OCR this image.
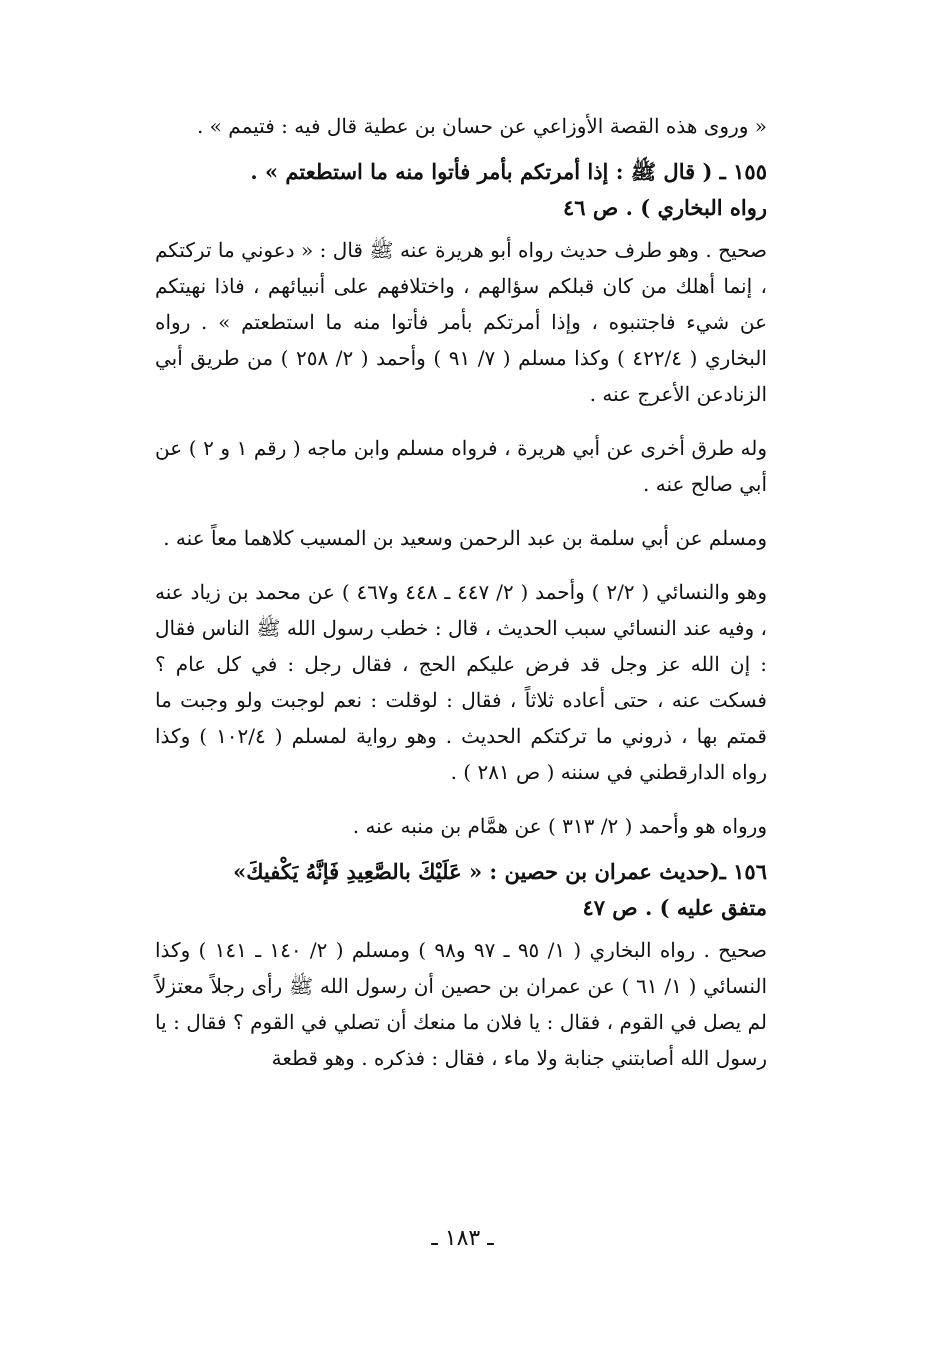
« وروى هذه القصة الأوزاعي عن حسان بن عطية قال فيه : فتيمم » .

١٥٥ ـ ( قال ﷺ : إذا أمرتكم بأمر فأتوا منه ما استطعتم » .
رواه البخاري ) . ص ٤٦

صحيح . وهو طرف حديث رواه أبو هريرة عنه ﷺ قال : « دعوني ما تركتكم ، إنما أهلك من كان قبلكم سؤالهم ، واختلافهم على أنبيائهم ، فاذا نهيتكم عن شيء فاجتنبوه ، وإذا أمرتكم بأمر فأتوا منه ما استطعتم » . رواه البخاري ( ٤٢٢/٤ ) وكذا مسلم ( ٧/ ٩١ ) وأحمد ( ٢/ ٢٥٨ ) من طريق أبي الزنادعن الأعرج عنه .

وله طرق أخرى عن أبي هريرة ، فرواه مسلم وابن ماجه ( رقم ١ و ٢ ) عن أبي صالح عنه .

ومسلم عن أبي سلمة بن عبد الرحمن وسعيد بن المسيب كلاهما معاً عنه .

وهو والنسائي ( ٢/٢ ) وأحمد ( ٢/ ٤٤٧ ـ ٤٤٨ و٤٦٧ ) عن محمد بن زياد عنه ، وفيه عند النسائي سبب الحديث ، قال : خطب رسول الله ﷺ الناس فقال : إن الله عز وجل قد فرض عليكم الحج ، فقال رجل : في كل عام ؟ فسكت عنه ، حتى أعاده ثلاثاً ، فقال : لوقلت : نعم لوجبت ولو وجبت ما قمتم بها ، ذروني ما تركتكم الحديث . وهو رواية لمسلم ( ١٠٢/٤ ) وكذا رواه الدارقطني في سننه ( ص ٢٨١ ) .

ورواه هو وأحمد ( ٢/ ٣١٣ ) عن همَّام بن منبه عنه .

١٥٦ ـ(حديث عمران بن حصين : « عَلَيْكَ بالصَّعِيدِ فَإنَّهُ يَكْفيكَ»
متفق عليه ) . ص ٤٧

صحيح . رواه البخاري ( ١/ ٩٥ ـ ٩٧ و٩٨ ) ومسلم ( ٢/ ١٤٠ ـ ١٤١ ) وكذا النسائي ( ١/ ٦١ ) عن عمران بن حصين أن رسول الله ﷺ رأى رجلاً معتزلاً لم يصل في القوم ، فقال : يا فلان ما منعك أن تصلي في القوم ؟ فقال : يا رسول الله أصابتني جنابة ولا ماء ، فقال : فذكره . وهو قطعة

ـ ١٨٣ ـ
